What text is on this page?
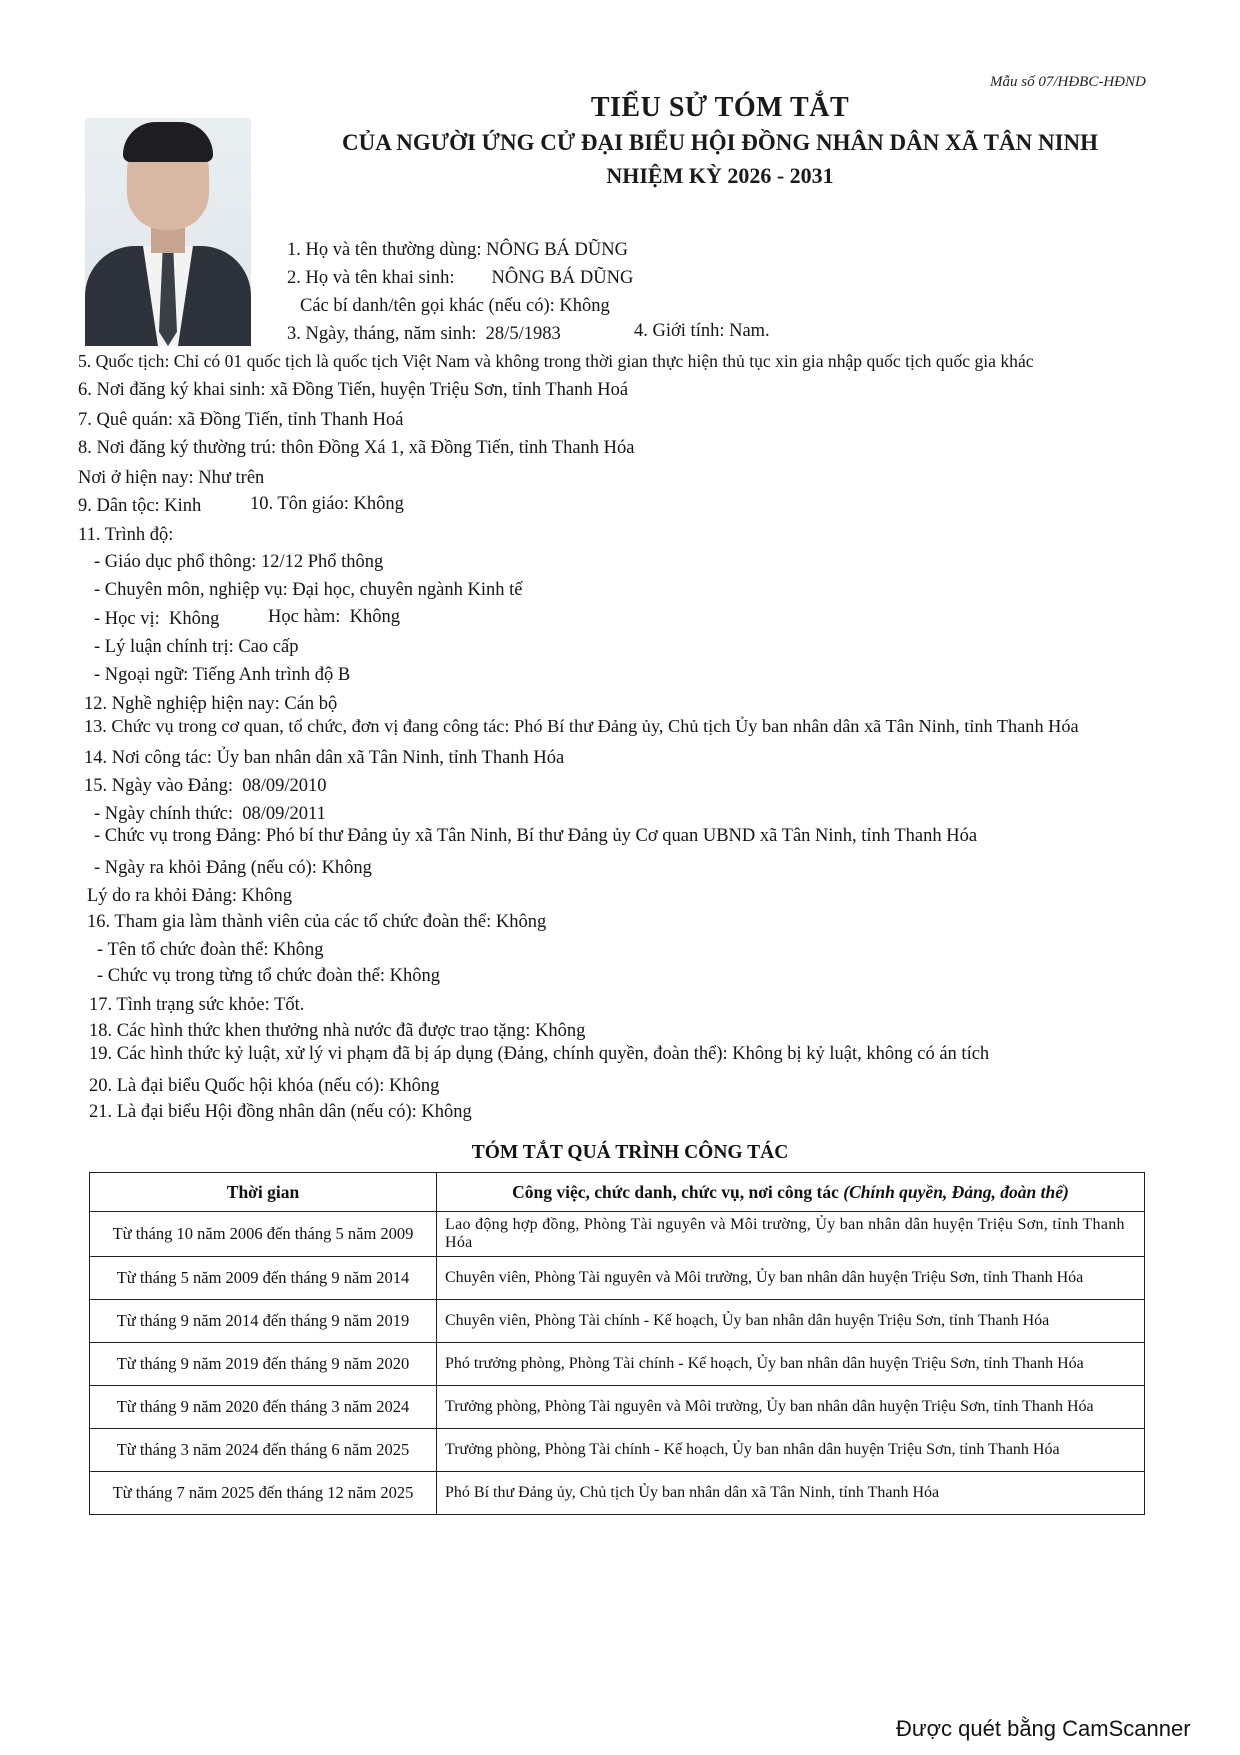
Mẫu số 07/HĐBC-HĐND
TIỂU SỬ TÓM TẮT
CỦA NGƯỜI ỨNG CỬ ĐẠI BIỂU HỘI ĐỒNG NHÂN DÂN XÃ TÂN NINH
NHIỆM KỲ 2026 - 2031
1. Họ và tên thường dùng: NÔNG BÁ DŨNG
2. Họ và tên khai sinh:        NÔNG BÁ DŨNG
Các bí danh/tên gọi khác (nếu có): Không
3. Ngày, tháng, năm sinh:  28/5/1983	4. Giới tính: Nam.
5. Quốc tịch: Chỉ có 01 quốc tịch là quốc tịch Việt Nam và không trong thời gian thực hiện thủ tục xin gia nhập quốc tịch quốc gia khác
6. Nơi đăng ký khai sinh: xã Đồng Tiến, huyện Triệu Sơn, tỉnh Thanh Hoá
7. Quê quán: xã Đồng Tiến, tỉnh Thanh Hoá
8. Nơi đăng ký thường trú: thôn Đồng Xá 1, xã Đồng Tiến, tỉnh Thanh Hóa
Nơi ở hiện nay: Như trên
9. Dân tộc: Kinh	10. Tôn giáo: Không
11. Trình độ:
- Giáo dục phổ thông: 12/12 Phổ thông
- Chuyên môn, nghiệp vụ: Đại học, chuyên ngành Kinh tế
- Học vị:  Không	Học hàm:  Không
- Lý luận chính trị: Cao cấp
- Ngoại ngữ: Tiếng Anh trình độ B
12. Nghề nghiệp hiện nay: Cán bộ
13. Chức vụ trong cơ quan, tổ chức, đơn vị đang công tác: Phó Bí thư Đảng ủy, Chủ tịch Ủy ban nhân dân xã Tân Ninh, tỉnh Thanh Hóa
14. Nơi công tác: Ủy ban nhân dân xã Tân Ninh, tỉnh Thanh Hóa
15. Ngày vào Đảng:  08/09/2010
- Ngày chính thức:  08/09/2011
- Chức vụ trong Đảng: Phó bí thư Đảng ủy xã Tân Ninh, Bí thư Đảng ủy Cơ quan UBND xã Tân Ninh, tỉnh Thanh Hóa
- Ngày ra khỏi Đảng (nếu có): Không
Lý do ra khỏi Đảng: Không
16. Tham gia làm thành viên của các tổ chức đoàn thể: Không
- Tên tổ chức đoàn thể: Không
- Chức vụ trong từng tổ chức đoàn thể: Không
17. Tình trạng sức khỏe: Tốt.
18. Các hình thức khen thưởng nhà nước đã được trao tặng: Không
19. Các hình thức kỷ luật, xử lý vi phạm đã bị áp dụng (Đảng, chính quyền, đoàn thể): Không bị kỷ luật, không có án tích
20. Là đại biểu Quốc hội khóa (nếu có): Không
21. Là đại biểu Hội đồng nhân dân (nếu có): Không
TÓM TẮT QUÁ TRÌNH CÔNG TÁC
Thời gian	Công việc, chức danh, chức vụ, nơi công tác (Chính quyền, Đảng, đoàn thể)
Từ tháng 10 năm 2006 đến tháng 5 năm 2009	Lao động hợp đồng, Phòng Tài nguyên và Môi trường, Ủy ban nhân dân huyện Triệu Sơn, tỉnh Thanh Hóa
Từ tháng 5 năm 2009 đến tháng 9 năm 2014	Chuyên viên, Phòng Tài nguyên và Môi trường, Ủy ban nhân dân huyện Triệu Sơn, tỉnh Thanh Hóa
Từ tháng 9 năm 2014 đến tháng 9 năm 2019	Chuyên viên, Phòng Tài chính - Kế hoạch, Ủy ban nhân dân huyện Triệu Sơn, tỉnh Thanh Hóa
Từ tháng 9 năm 2019 đến tháng 9 năm 2020	Phó trưởng phòng, Phòng Tài chính - Kế hoạch, Ủy ban nhân dân huyện Triệu Sơn, tỉnh Thanh Hóa
Từ tháng 9 năm 2020 đến tháng 3 năm 2024	Trưởng phòng, Phòng Tài nguyên và Môi trường, Ủy ban nhân dân huyện Triệu Sơn, tỉnh Thanh Hóa
Từ tháng 3 năm 2024 đến tháng 6 năm 2025	Trưởng phòng, Phòng Tài chính - Kế hoạch, Ủy ban nhân dân huyện Triệu Sơn, tỉnh Thanh Hóa
Từ tháng 7 năm 2025 đến tháng 12 năm 2025	Phó Bí thư Đảng ủy, Chủ tịch Ủy ban nhân dân xã Tân Ninh, tỉnh Thanh Hóa
Được quét bằng CamScanner
